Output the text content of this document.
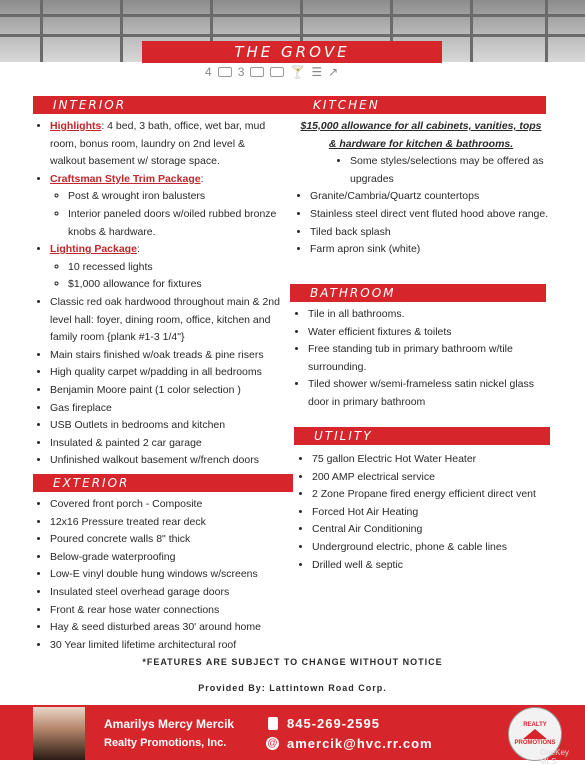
THE GROVE
4 3	🍸 ☰ ↗
INTERIOR
• Highlights: 4 bed, 3 bath, office, wet bar, mud room, bonus room, laundry on 2nd level & walkout basement w/ storage space.
• Craftsman Style Trim Package:
◦ Post & wrought iron balusters
◦ Interior paneled doors w/oiled rubbed bronze knobs & hardware.
• Lighting Package:
◦ 10 recessed lights
◦ $1,000 allowance for fixtures
• Classic red oak hardwood throughout main & 2nd level hall: foyer, dining room, office, kitchen and family room {plank #1-3 1/4"}
• Main stairs finished w/oak treads & pine risers
• High quality carpet w/padding in all bedrooms
• Benjamin Moore paint (1 color selection )
• Gas fireplace
• USB Outlets in bedrooms and kitchen
• Insulated & painted 2 car garage
• Unfinished walkout basement w/french doors
EXTERIOR
• Covered front porch - Composite
• 12x16 Pressure treated rear deck
• Poured concrete walls 8" thick
• Below-grade waterproofing
• Low-E vinyl double hung windows w/screens
• Insulated steel overhead garage doors
• Front & rear hose water connections
• Hay & seed disturbed areas 30' around home
• 30 Year limited lifetime architectural roof
KITCHEN
$15,000 allowance for all cabinets, vanities, tops & hardware for kitchen & bathrooms.
• Some styles/selections may be offered as upgrades
• Granite/Cambria/Quartz countertops
• Stainless steel direct vent fluted hood above range.
• Tiled back splash
• Farm apron sink (white)
BATHROOM
• Tile in all bathrooms.
• Water efficient fixtures & toilets
• Free standing tub in primary bathroom w/tile surrounding.
• Tiled shower w/semi-frameless satin nickel glass door in primary bathroom
UTILITY
• 75 gallon Electric Hot Water Heater
• 200 AMP electrical service
• 2 Zone Propane fired energy efficient direct vent
• Forced Hot Air Heating
• Central Air Conditioning
• Underground electric, phone & cable lines
• Drilled well & septic
*FEATURES ARE SUBJECT TO CHANGE WITHOUT NOTICE
Provided By: Lattintown Road Corp.
Amarilys Mercy Mercik
Realty Promotions, Inc.
845-269-2595
@ amercik@hvc.rr.com
REALTY
PROMOTIONS
OneKey MLS
